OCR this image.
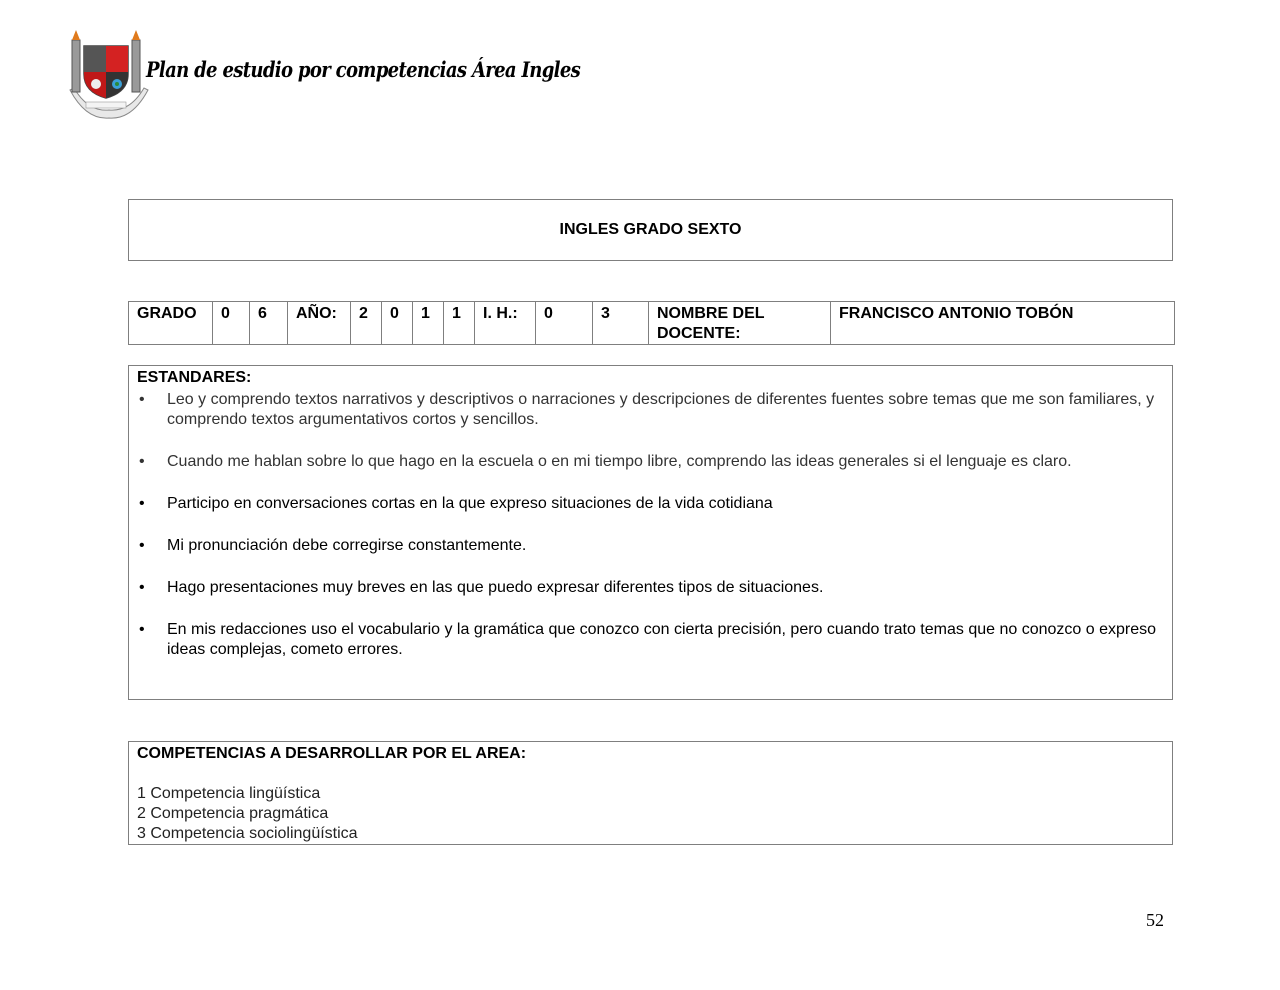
Plan de estudio por competencias Área Ingles
INGLES GRADO SEXTO
GRADO	0	6	AÑO:	2	0	1	1	I. H.:	0	3	NOMBRE DEL DOCENTE:	FRANCISCO ANTONIO TOBÓN
ESTANDARES:
• Leo y comprendo textos narrativos y descriptivos o narraciones y descripciones de diferentes fuentes sobre temas que me son familiares, y comprendo textos argumentativos cortos y sencillos.
• Cuando me hablan sobre lo que hago en la escuela o en mi tiempo libre, comprendo las ideas generales si el lenguaje es claro.
• Participo en conversaciones cortas en la que expreso situaciones de la vida cotidiana
• Mi pronunciación debe corregirse constantemente.
• Hago presentaciones muy breves en las que puedo expresar diferentes tipos de situaciones.
• En mis redacciones uso el vocabulario y la gramática que conozco con cierta precisión, pero cuando trato temas que no conozco o expreso ideas complejas, cometo errores.
COMPETENCIAS A DESARROLLAR POR EL AREA:
1 Competencia lingüística
2 Competencia pragmática
3 Competencia sociolingüística
52
